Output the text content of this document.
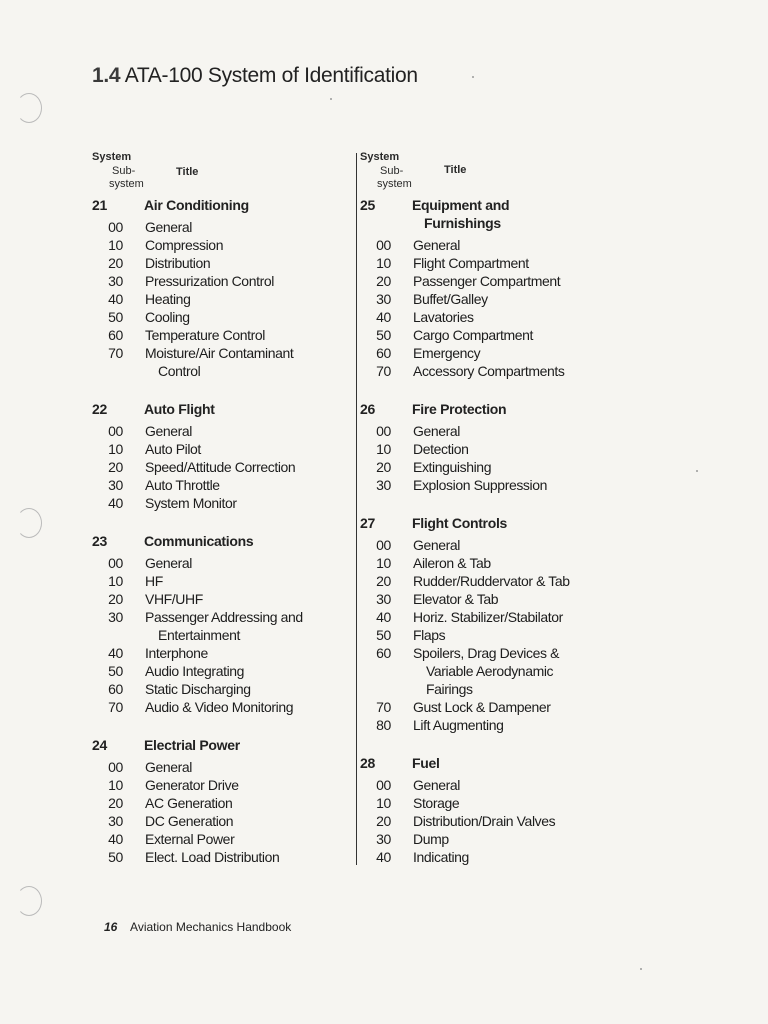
1.4 ATA-100 System of Identification
System
Sub-
system
Title
21	Air Conditioning
00	General
10	Compression
20	Distribution
30	Pressurization Control
40	Heating
50	Cooling
60	Temperature Control
70	Moisture/Air Contaminant
Control
22	Auto Flight
00	General
10	Auto Pilot
20	Speed/Attitude Correction
30	Auto Throttle
40	System Monitor
23	Communications
00	General
10	HF
20	VHF/UHF
30	Passenger Addressing and
Entertainment
40	Interphone
50	Audio Integrating
60	Static Discharging
70	Audio & Video Monitoring
24	Electrial Power
00	General
10	Generator Drive
20	AC Generation
30	DC Generation
40	External Power
50	Elect. Load Distribution
System
Sub-
system
Title
25	Equipment and
Furnishings
00	General
10	Flight Compartment
20	Passenger Compartment
30	Buffet/Galley
40	Lavatories
50	Cargo Compartment
60	Emergency
70	Accessory Compartments
26	Fire Protection
00	General
10	Detection
20	Extinguishing
30	Explosion Suppression
27	Flight Controls
00	General
10	Aileron & Tab
20	Rudder/Ruddervator & Tab
30	Elevator & Tab
40	Horiz. Stabilizer/Stabilator
50	Flaps
60	Spoilers, Drag Devices &
Variable Aerodynamic
Fairings
70	Gust Lock & Dampener
80	Lift Augmenting
28	Fuel
00	General
10	Storage
20	Distribution/Drain Valves
30	Dump
40	Indicating
16 Aviation Mechanics Handbook
